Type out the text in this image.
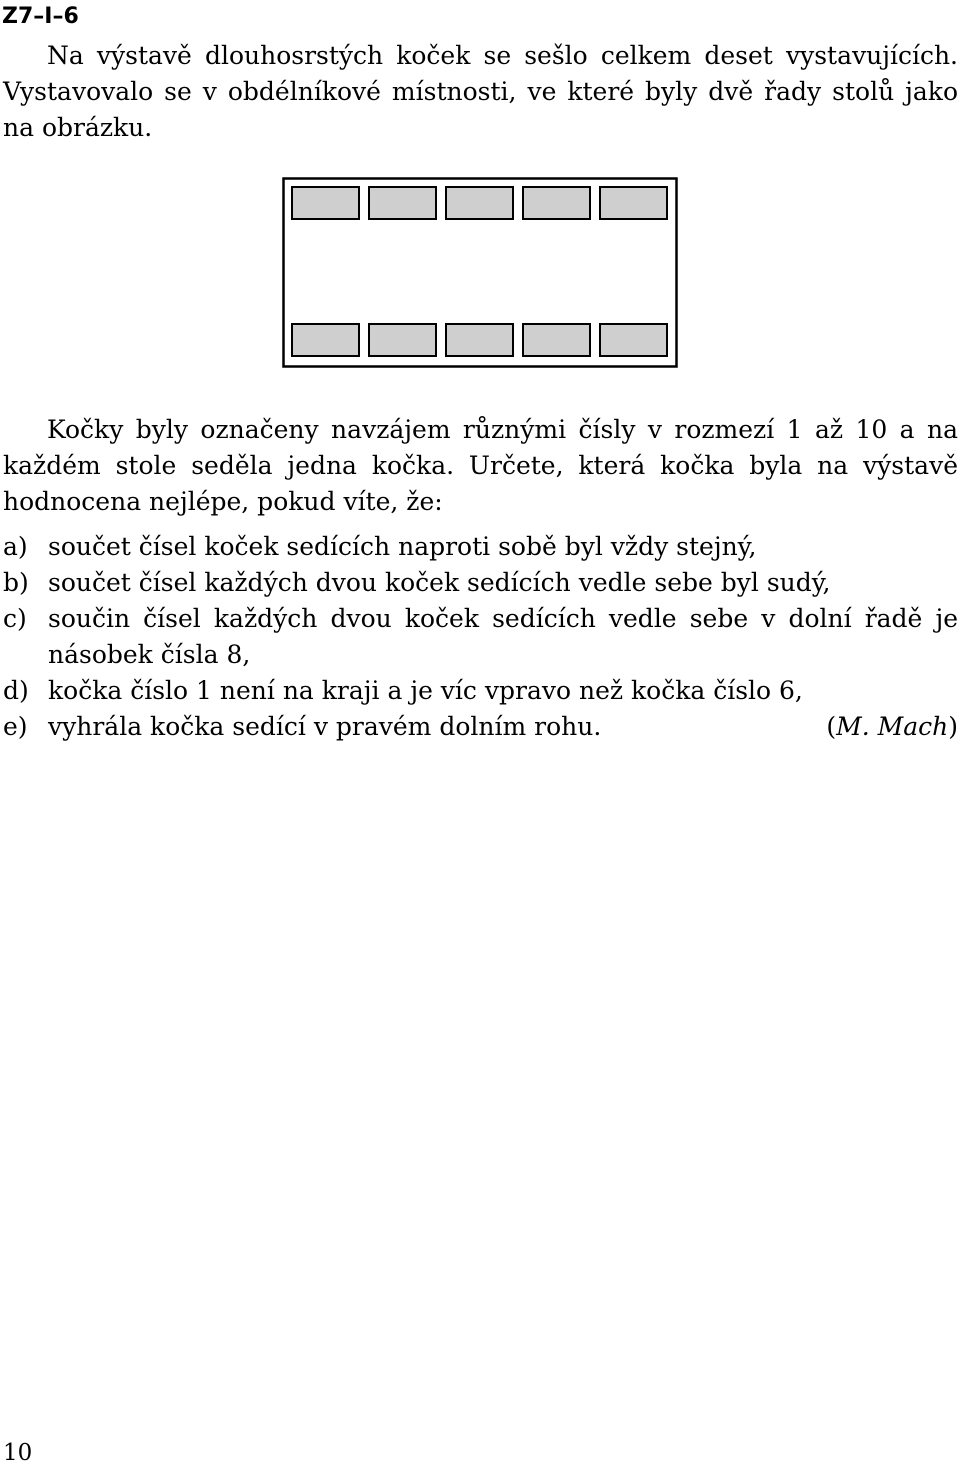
Z7–I–6

Na výstavě dlouhosrstých koček se sešlo celkem deset vystavujících. Vystavovalo se v obdélníkové místnosti, ve které byly dvě řady stolů jako na obrázku.

Kočky byly označeny navzájem různými čísly v rozmezí 1 až 10 a na každém stole seděla jedna kočka. Určete, která kočka byla na výstavě hodnocena nejlépe, pokud víte, že:

a) součet čísel koček sedících naproti sobě byl vždy stejný,
b) součet čísel každých dvou koček sedících vedle sebe byl sudý,
c) součin čísel každých dvou koček sedících vedle sebe v dolní řadě je násobek čísla 8,
d) kočka číslo 1 není na kraji a je víc vpravo než kočka číslo 6,
e) vyhrála kočka sedící v pravém dolním rohu.	(M. Mach)
10
